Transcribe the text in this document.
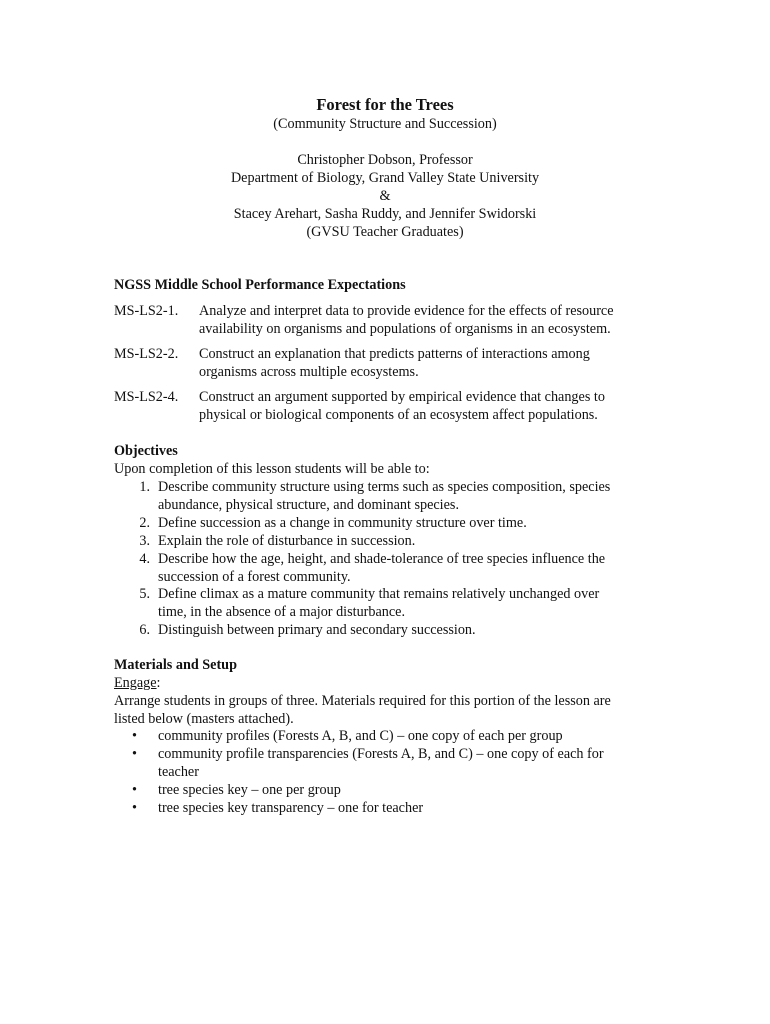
Forest for the Trees
(Community Structure and Succession)
Christopher Dobson, Professor
Department of Biology, Grand Valley State University
&
Stacey Arehart, Sasha Ruddy, and Jennifer Swidorski
(GVSU Teacher Graduates)
NGSS Middle School Performance Expectations
MS-LS2-1. Analyze and interpret data to provide evidence for the effects of resource
availability on organisms and populations of organisms in an ecosystem.
MS-LS2-2. Construct an explanation that predicts patterns of interactions among
organisms across multiple ecosystems.
MS-LS2-4. Construct an argument supported by empirical evidence that changes to
physical or biological components of an ecosystem affect populations.
Objectives
Upon completion of this lesson students will be able to:
1. Describe community structure using terms such as species composition, species
abundance, physical structure, and dominant species.
2. Define succession as a change in community structure over time.
3. Explain the role of disturbance in succession.
4. Describe how the age, height, and shade-tolerance of tree species influence the
succession of a forest community.
5. Define climax as a mature community that remains relatively unchanged over
time, in the absence of a major disturbance.
6. Distinguish between primary and secondary succession.
Materials and Setup
Engage:
Arrange students in groups of three. Materials required for this portion of the lesson are
listed below (masters attached).
• community profiles (Forests A, B, and C) – one copy of each per group
• community profile transparencies (Forests A, B, and C) – one copy of each for
teacher
• tree species key – one per group
• tree species key transparency – one for teacher
